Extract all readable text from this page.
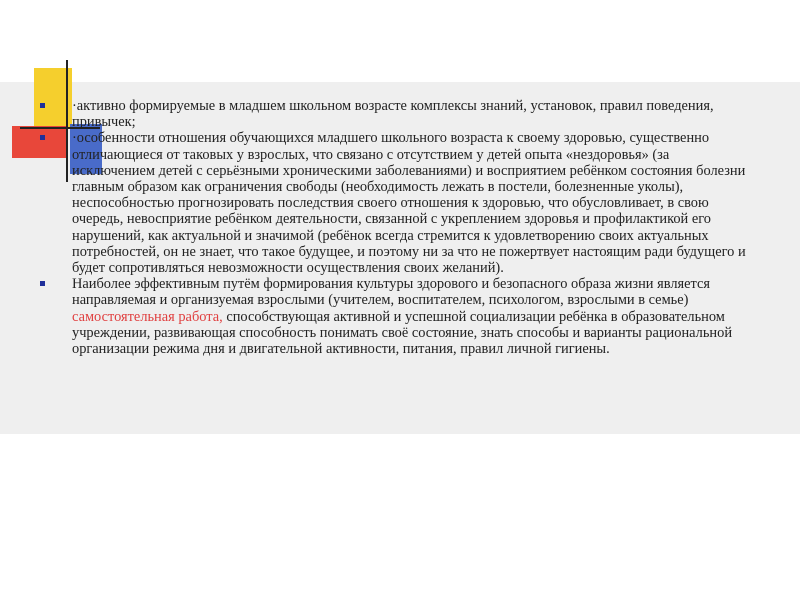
·активно формируемые в младшем школьном возрасте комплексы знаний, установок, правил поведения, привычек;

·особенности отношения обучающихся младшего школьного возраста к своему здоровью, существенно отличающиеся от таковых у взрослых, что связано с отсутствием у детей опыта «нездоровья» (за исключением детей с серьёзными хроническими заболеваниями) и восприятием ребёнком состояния болезни главным образом как ограничения свободы (необходимость лежать в постели, болезненные уколы), неспособностью прогнозировать последствия своего отношения к здоровью, что обусловливает, в свою очередь, невосприятие ребёнком деятельности, связанной с укреплением здоровья и профилактикой его нарушений, как актуальной и значимой (ребёнок всегда стремится к удовлетворению своих актуальных потребностей, он не знает, что такое будущее, и поэтому ни за что не пожертвует настоящим ради будущего и будет сопротивляться невозможности осуществления своих желаний).

Наиболее эффективным путём формирования культуры здорового и безопасного образа жизни является направляемая и организуемая взрослыми (учителем, воспитателем, психологом, взрослыми в семье) самостоятельная работа, способствующая активной и успешной социализации ребёнка в образовательном учреждении, развивающая способность понимать своё состояние, знать способы и варианты рациональной организации режима дня и двигательной активности, питания, правил личной гигиены.
